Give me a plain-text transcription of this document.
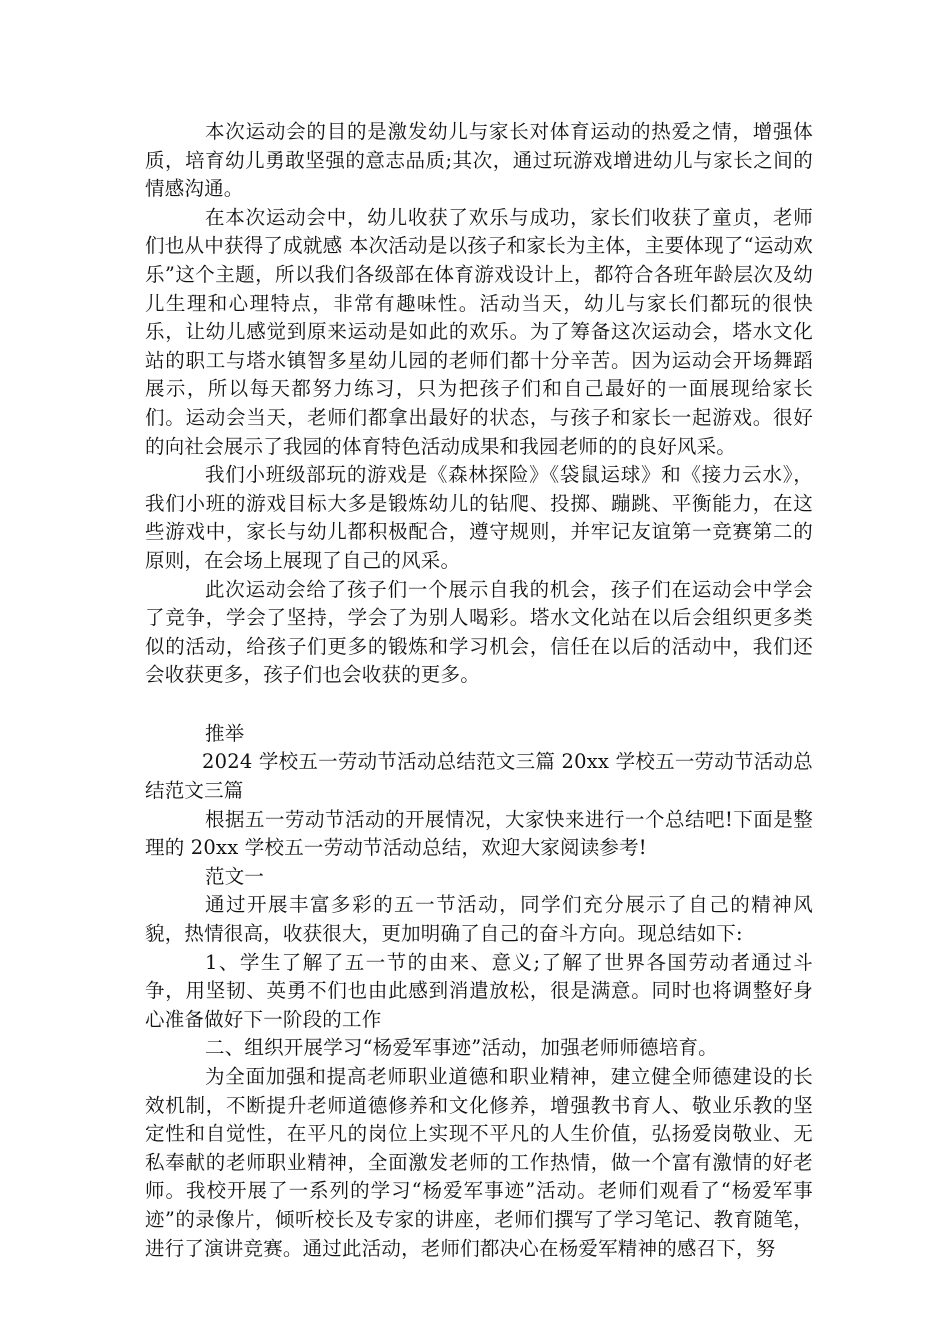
本次运动会的目的是激发幼儿与家长对体育运动的热爱之情，增强体质，培育幼儿勇敢坚强的意志品质;其次，通过玩游戏增进幼儿与家长之间的情感沟通。

在本次运动会中，幼儿收获了欢乐与成功，家长们收获了童贞，老师们也从中获得了成就感 本次活动是以孩子和家长为主体，主要体现了“运动欢乐”这个主题，所以我们各级部在体育游戏设计上，都符合各班年龄层次及幼儿生理和心理特点，非常有趣味性。活动当天，幼儿与家长们都玩的很快乐，让幼儿感觉到原来运动是如此的欢乐。为了筹备这次运动会，塔水文化站的职工与塔水镇智多星幼儿园的老师们都十分辛苦。因为运动会开场舞蹈展示，所以每天都努力练习，只为把孩子们和自己最好的一面展现给家长们。运动会当天，老师们都拿出最好的状态，与孩子和家长一起游戏。很好的向社会展示了我园的体育特色活动成果和我园老师的的良好风采。

我们小班级部玩的游戏是《森林探险》《袋鼠运球》和《接力云水》，我们小班的游戏目标大多是锻炼幼儿的钻爬、投掷、蹦跳、平衡能力，在这些游戏中，家长与幼儿都积极配合，遵守规则，并牢记友谊第一竞赛第二的原则，在会场上展现了自己的风采。

此次运动会给了孩子们一个展示自我的机会，孩子们在运动会中学会了竞争，学会了坚持，学会了为别人喝彩。塔水文化站在以后会组织更多类似的活动，给孩子们更多的锻炼和学习机会，信任在以后的活动中，我们还会收获更多，孩子们也会收获的更多。

推举

2024 学校五一劳动节活动总结范文三篇 20xx 学校五一劳动节活动总结范文三篇

根据五一劳动节活动的开展情况，大家快来进行一个总结吧!下面是整理的 20xx 学校五一劳动节活动总结，欢迎大家阅读参考!

范文一

通过开展丰富多彩的五一节活动，同学们充分展示了自己的精神风貌，热情很高，收获很大，更加明确了自己的奋斗方向。现总结如下:

1、学生了解了五一节的由来、意义;了解了世界各国劳动者通过斗争，用坚韧、英勇不们也由此感到消遣放松，很是满意。同时也将调整好身心准备做好下一阶段的工作

二、组织开展学习“杨爱军事迹”活动，加强老师师德培育。

为全面加强和提高老师职业道德和职业精神，建立健全师德建设的长效机制，不断提升老师道德修养和文化修养，增强教书育人、敬业乐教的坚定性和自觉性，在平凡的岗位上实现不平凡的人生价值，弘扬爱岗敬业、无私奉献的老师职业精神，全面激发老师的工作热情，做一个富有激情的好老师。我校开展了一系列的学习“杨爱军事迹”活动。老师们观看了“杨爱军事迹”的录像片，倾听校长及专家的讲座，老师们撰写了学习笔记、教育随笔，进行了演讲竞赛。通过此活动，老师们都决心在杨爱军精神的感召下，努
